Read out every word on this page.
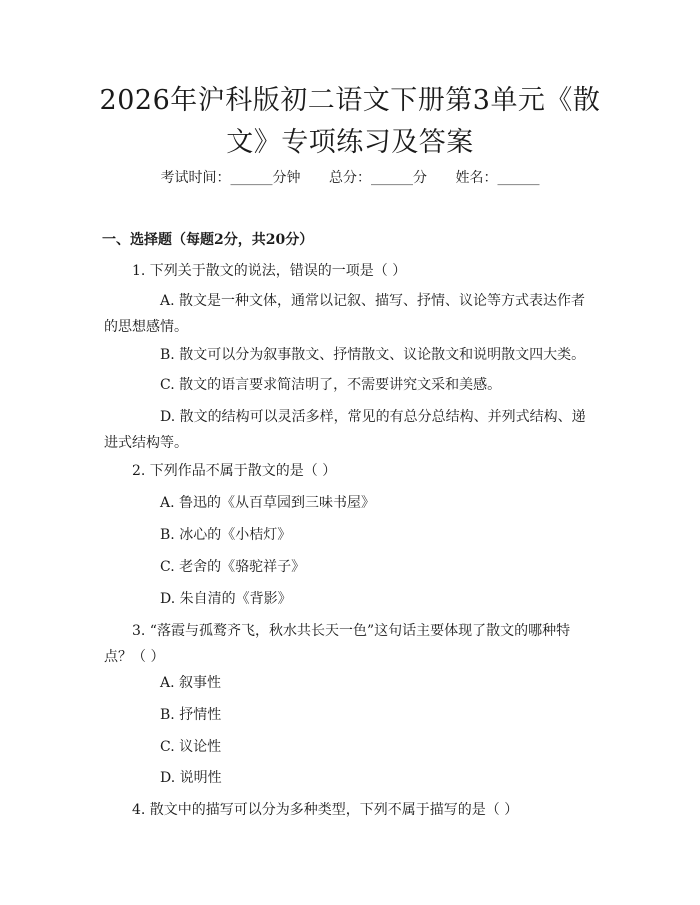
2026年沪科版初二语文下册第3单元《散文》专项练习及答案
考试时间：______分钟 总分：______分 姓名：______
一、选择题（每题2分，共20分）
1. 下列关于散文的说法，错误的一项是（ ）
A. 散文是一种文体，通常以记叙、描写、抒情、议论等方式表达作者的思想感情。
B. 散文可以分为叙事散文、抒情散文、议论散文和说明散文四大类。
C. 散文的语言要求简洁明了，不需要讲究文采和美感。
D. 散文的结构可以灵活多样，常见的有总分总结构、并列式结构、递进式结构等。
2. 下列作品不属于散文的是（ ）
A. 鲁迅的《从百草园到三味书屋》
B. 冰心的《小桔灯》
C. 老舍的《骆驼祥子》
D. 朱自清的《背影》
3. “落霞与孤鹜齐飞，秋水共长天一色”这句话主要体现了散文的哪种特点？（ ）
A. 叙事性
B. 抒情性
C. 议论性
D. 说明性
4. 散文中的描写可以分为多种类型，下列不属于描写的是（ ）
